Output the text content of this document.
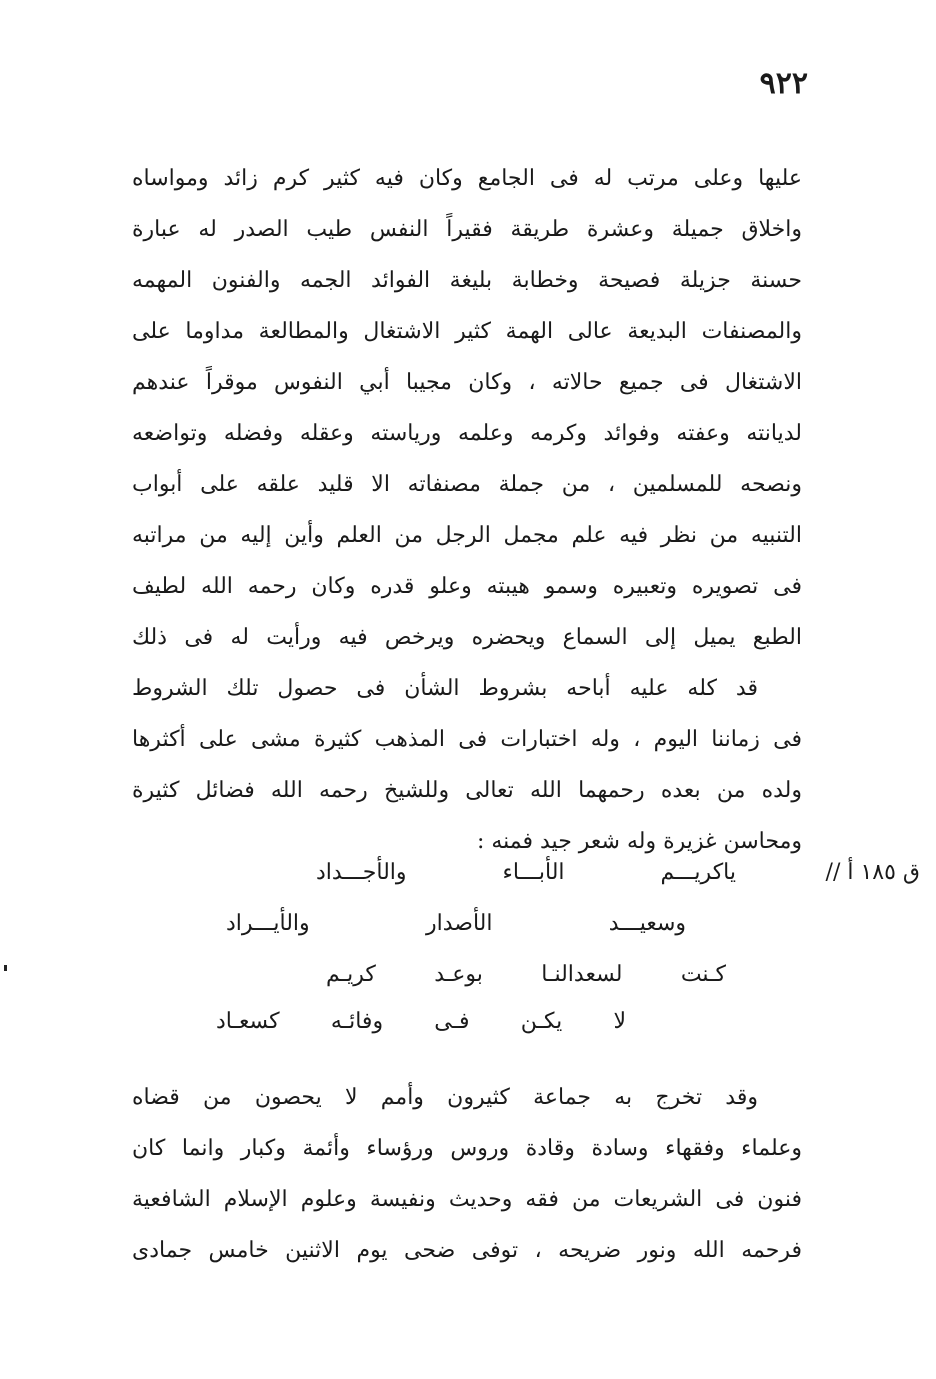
٩٢٢
عليها وعلى مرتب له فى الجامع وكان فيه كثير كرم زائد ومواساه
واخلاق جميلة وعشرة طريقة فقيراً النفس طيب الصدر له عبارة
حسنة جزيلة فصيحة وخطابة بليغة الفوائد الجمه والفنون المهمه
والمصنفات البديعة عالى الهمة كثير الاشتغال والمطالعة مداوما على
الاشتغال فى جميع حالاته ، وكان مجيبا أبي النفوس موقراً عندهم
لديانته وعفته وفوائد وكرمه وعلمه ورياسته وعقله وفضله وتواضعه
ونصحه للمسلمين ، من جملة مصنفاته الا قليد علقه على أبواب
التنبيه من نظر فيه علم مجمل الرجل من العلم وأين إليه من مراتبه
فى تصويره وتعبيره وسمو هيبته وعلو قدره وكان رحمه الله لطيف
الطبع يميل إلى السماع ويحضره ويرخص فيه ورأيت له فى ذلك
قد كله عليه أباحه بشروط الشأن فى حصول تلك الشروط
فى زماننا اليوم ، وله اختبارات فى المذهب كثيرة مشى على أكثرها
ولده من بعده رحمهما الله تعالى وللشيخ رحمه الله فضائل كثيرة
ومحاسن غزيرة وله شعر جيد فمنه :
ق ١٨٥ أ //
ياكريـــم الأبـــاء والأجـــداد
وسعيـــد الأصدار والأيـــراد
كـنت لسعدالنـا بوعـد كريـم
لا يكـن فـى وفائـه كسعـاد
وقد تخرج به جماعة كثيرون وأمم لا يحصون من قضاه
وعلماء وفقهاء وسادة وقادة وروس ورؤساء وأئمة وكبار وانما كان
فنون فى الشريعات من فقه وحديث ونفيسة وعلوم الإسلام الشافعية
فرحمه الله ونور ضريحه ، توفى ضحى يوم الاثنين خامس جمادى
